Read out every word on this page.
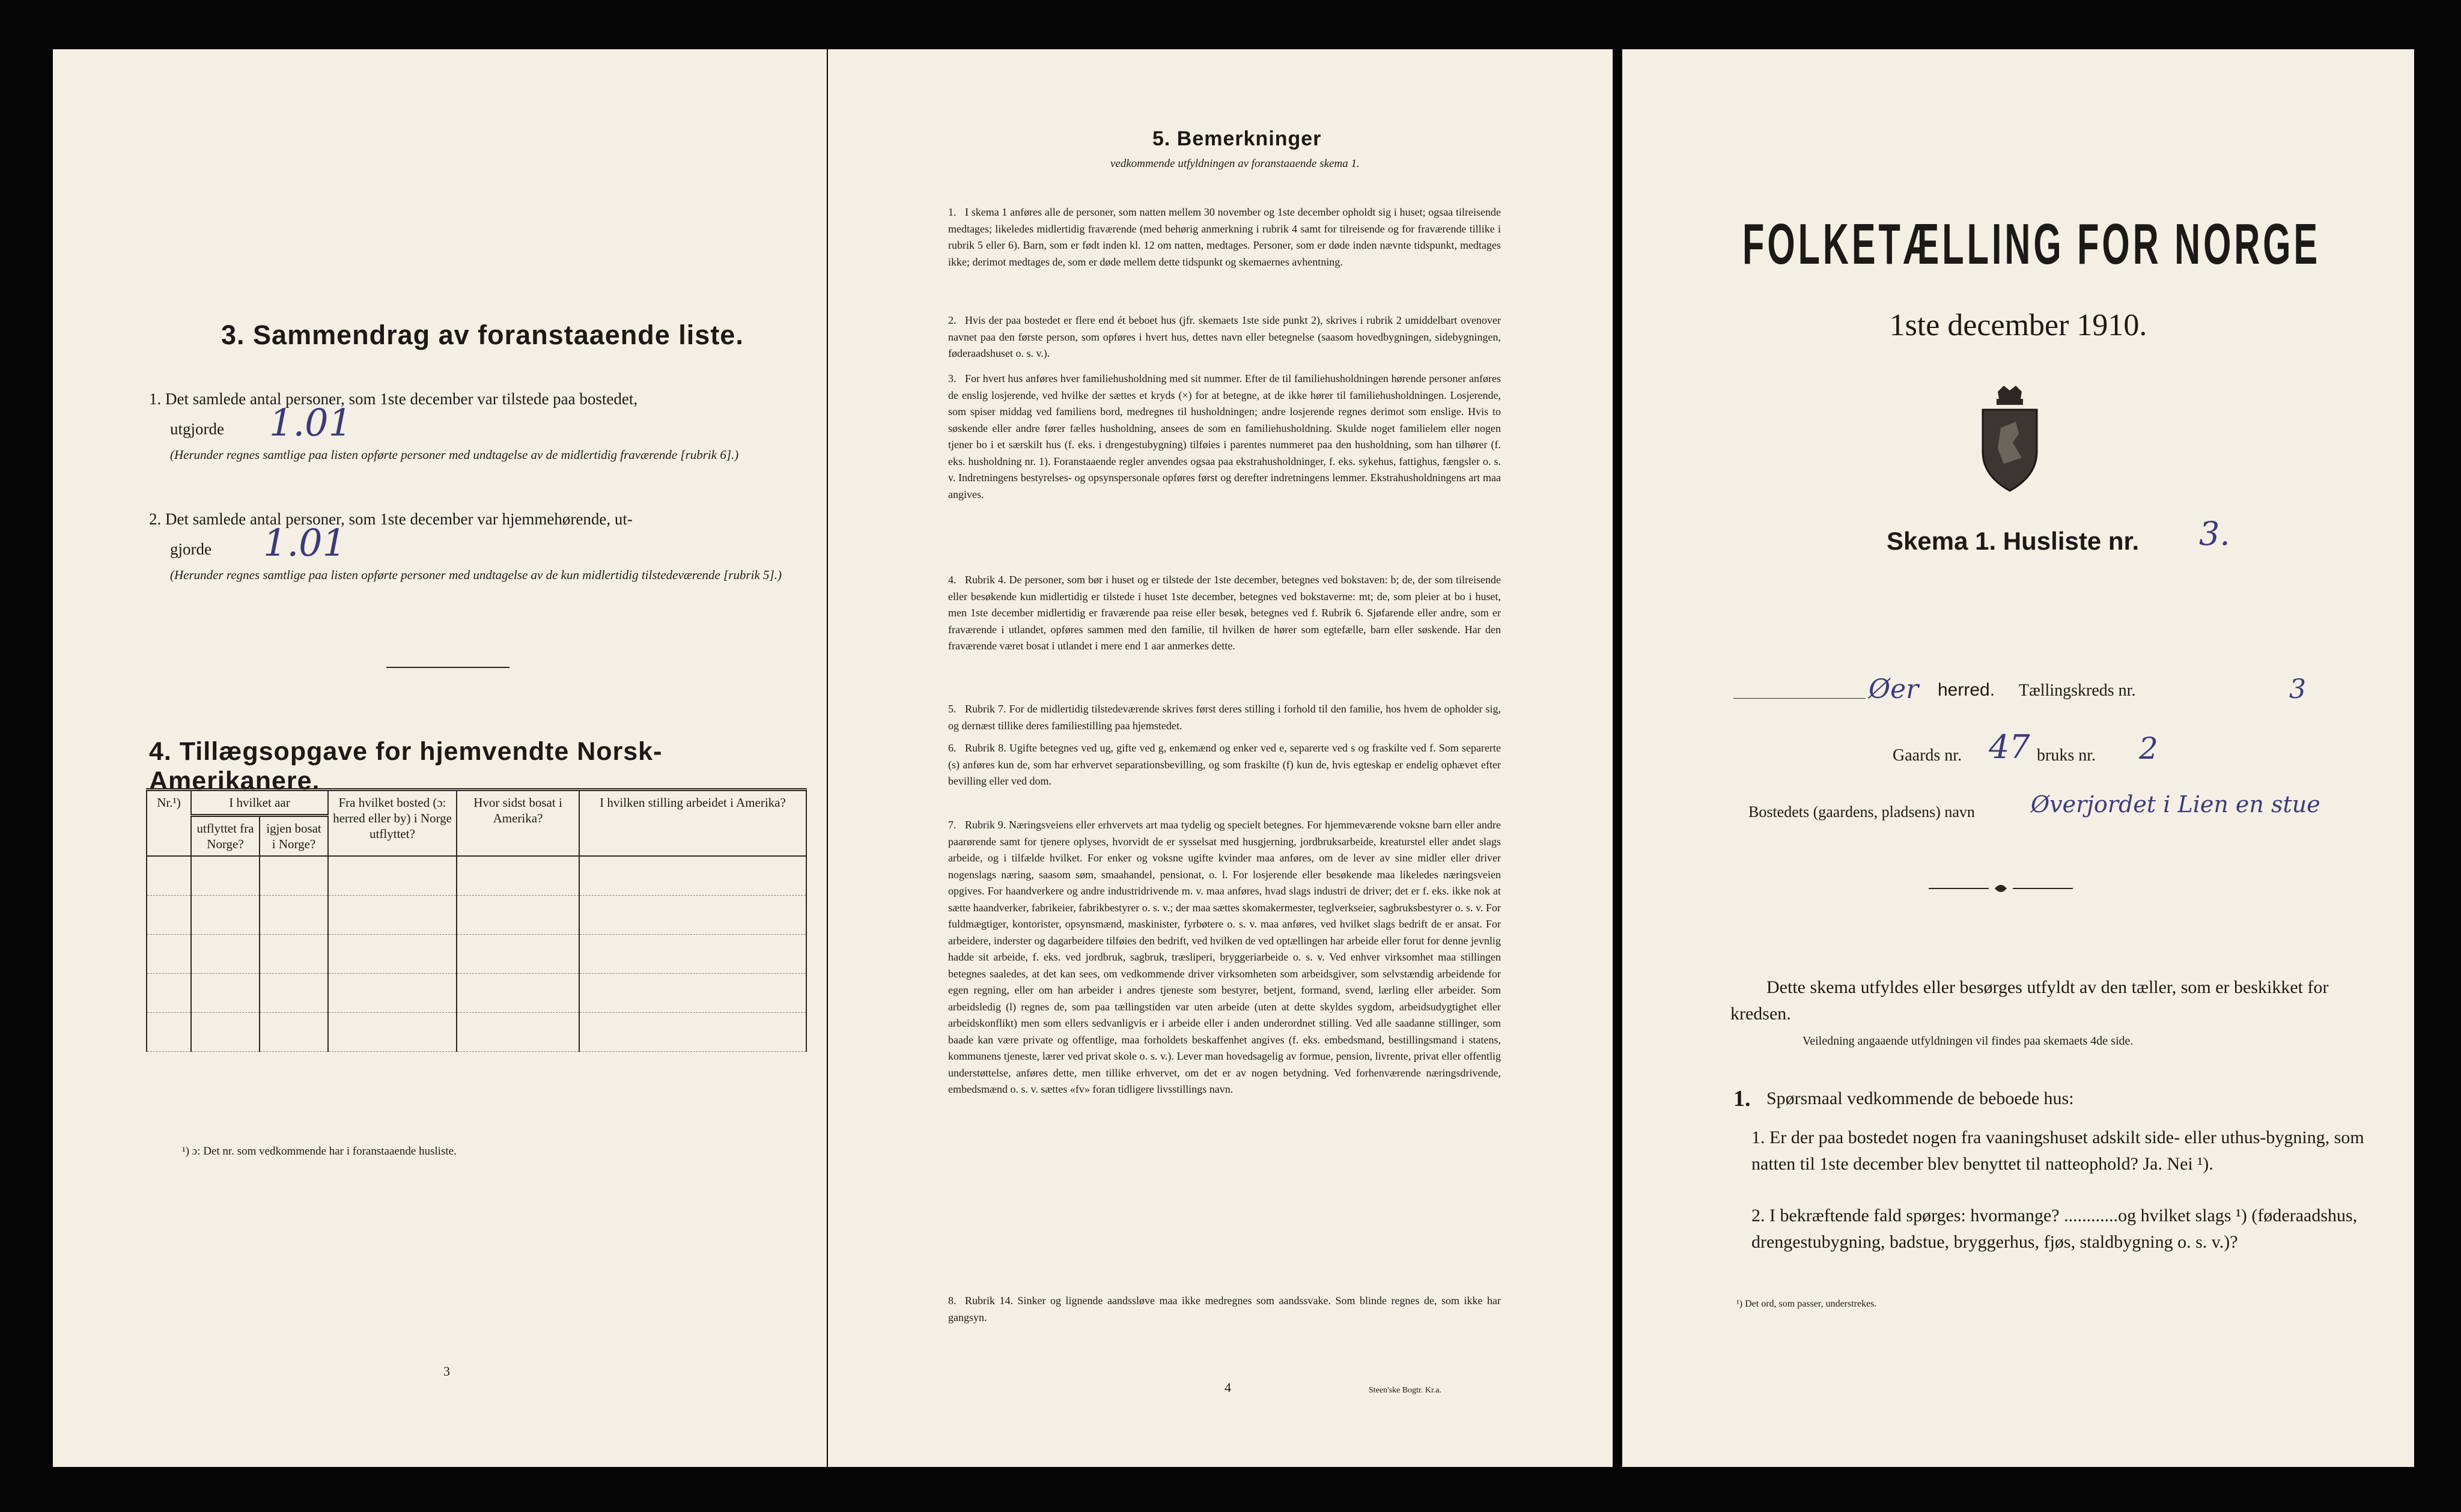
3. Sammendrag av foranstaaende liste.
1. Det samlede antal personer, som 1ste december var tilstede paa bostedet,
utgjorde 1.01
(Herunder regnes samtlige paa listen opførte personer med undtagelse av de midlertidig fraværende [rubrik 6].)
2. Det samlede antal personer, som 1ste december var hjemmehørende, ut-
gjorde 1.01
(Herunder regnes samtlige paa listen opførte personer med undtagelse av de kun midlertidig tilstedeværende [rubrik 5].)
4. Tillægsopgave for hjemvendte Norsk-Amerikanere.
Nr.¹)	I hvilket aar		Fra hvilket bosted (ɔ: herred eller by) i Norge utflyttet?	Hvor sidst bosat i Amerika?	I hvilken stilling arbeidet i Amerika?
	utflyttet fra Norge?	igjen bosat i Norge?			

¹) ɔ: Det nr. som vedkommende har i foranstaaende husliste.
3
5. Bemerkninger
vedkommende utfyldningen av foranstaaende skema 1.
1. I skema 1 anføres alle de personer, som natten mellem 30 november og 1ste december opholdt sig i huset; ogsaa tilreisende medtages; likeledes midlertidig fraværende (med behørig anmerkning i rubrik 4 samt for tilreisende og for fraværende tillike i rubrik 5 eller 6). Barn, som er født inden kl. 12 om natten, medtages. Personer, som er døde inden nævnte tidspunkt, medtages ikke; derimot medtages de, som er døde mellem dette tidspunkt og skemaernes avhentning.
2. Hvis der paa bostedet er flere end ét beboet hus (jfr. skemaets 1ste side punkt 2), skrives i rubrik 2 umiddelbart ovenover navnet paa den første person, som opføres i hvert hus, dettes navn eller betegnelse (saasom hovedbygningen, sidebygningen, føderaadshuset o. s. v.).
3. For hvert hus anføres hver familiehusholdning med sit nummer. Efter de til familiehusholdningen hørende personer anføres de enslig losjerende, ved hvilke der sættes et kryds (×) for at betegne, at de ikke hører til familiehusholdningen. Losjerende, som spiser middag ved familiens bord, medregnes til husholdningen; andre losjerende regnes derimot som enslige. Hvis to søskende eller andre fører fælles husholdning, ansees de som en familiehusholdning. Skulde noget familielem eller nogen tjener bo i et særskilt hus (f. eks. i drengestubygning) tilføies i parentes nummeret paa den husholdning, som han tilhører (f. eks. husholdning nr. 1). Foranstaaende regler anvendes ogsaa paa ekstrahusholdninger, f. eks. sykehus, fattighus, fængsler o. s. v. Indretningens bestyrelses- og opsynspersonale opføres først og derefter indretningens lemmer. Ekstrahusholdningens art maa angives.
4. Rubrik 4. De personer, som bør i huset og er tilstede der 1ste december, betegnes ved bokstaven: b; de, der som tilreisende eller besøkende kun midlertidig er tilstede i huset 1ste december, betegnes ved bokstaverne: mt; de, som pleier at bo i huset, men 1ste december midlertidig er fraværende paa reise eller besøk, betegnes ved f. Rubrik 6. Sjøfarende eller andre, som er fraværende i utlandet, opføres sammen med den familie, til hvilken de hører som egtefælle, barn eller søskende. Har den fraværende været bosat i utlandet i mere end 1 aar anmerkes dette.
5. Rubrik 7. For de midlertidig tilstedeværende skrives først deres stilling i forhold til den familie, hos hvem de opholder sig, og dernæst tillike deres familiestilling paa hjemstedet.
6. Rubrik 8. Ugifte betegnes ved ug, gifte ved g, enkemænd og enker ved e, separerte ved s og fraskilte ved f. Som separerte (s) anføres kun de, som har erhvervet separationsbevilling, og som fraskilte (f) kun de, hvis egteskap er endelig ophævet efter bevilling eller ved dom.
7. Rubrik 9. Næringsveiens eller erhvervets art maa tydelig og specielt betegnes. For hjemmeværende voksne barn eller andre paarørende samt for tjenere oplyses, hvorvidt de er sysselsat med husgjerning, jordbruksarbeide, kreaturstel eller andet slags arbeide, og i tilfælde hvilket. For enker og voksne ugifte kvinder maa anføres, om de lever av sine midler eller driver nogenslags næring, saasom søm, smaahandel, pensionat, o. l. For losjerende eller besøkende maa likeledes næringsveien opgives. For haandverkere og andre industridrivende m. v. maa anføres, hvad slags industri de driver; det er f. eks. ikke nok at sætte haandverker, fabrikeier, fabrikbestyrer o. s. v.; der maa sættes skomakermester, teglverkseier, sagbruksbestyrer o. s. v. For fuldmægtiger, kontorister, opsynsmænd, maskinister, fyrbøtere o. s. v. maa anføres, ved hvilket slags bedrift de er ansat. For arbeidere, inderster og dagarbeidere tilføies den bedrift, ved hvilken de ved optællingen har arbeide eller forut for denne jevnlig hadde sit arbeide, f. eks. ved jordbruk, sagbruk, træsliperi, bryggeriarbeide o. s. v. Ved enhver virksomhet maa stillingen betegnes saaledes, at det kan sees, om vedkommende driver virksomheten som arbeidsgiver, som selvstændig arbeidende for egen regning, eller om han arbeider i andres tjeneste som bestyrer, betjent, formand, svend, lærling eller arbeider. Som arbeidsledig (l) regnes de, som paa tællingstiden var uten arbeide (uten at dette skyldes sygdom, arbeidsudygtighet eller arbeidskonflikt) men som ellers sedvanligvis er i arbeide eller i anden underordnet stilling. Ved alle saadanne stillinger, som baade kan være private og offentlige, maa forholdets beskaffenhet angives (f. eks. embedsmand, bestillingsmand i statens, kommunens tjeneste, lærer ved privat skole o. s. v.). Lever man hovedsagelig av formue, pension, livrente, privat eller offentlig understøttelse, anføres dette, men tillike erhvervet, om det er av nogen betydning. Ved forhenværende næringsdrivende, embedsmænd o. s. v. sættes «fv» foran tidligere livsstillings navn.
8. Rubrik 14. Sinker og lignende aandssløve maa ikke medregnes som aandssvake. Som blinde regnes de, som ikke har gangsyn.
4	Steen'ske Bogtr. Kr.a.
FOLKETÆLLING FOR NORGE
1ste december 1910.
Skema 1. Husliste nr. 3.
Øer herred. Tællingskreds nr.	3
Gaards nr. 47 bruks nr. 2
Bostedets (gaardens, pladsens) navn Øverjordet i Lien en stue
Dette skema utfyldes eller besørges utfyldt av den tæller, som er beskikket for kredsen.
Veiledning angaaende utfyldningen vil findes paa skemaets 4de side.
1. Spørsmaal vedkommende de beboede hus:
1. Er der paa bostedet nogen fra vaaningshuset adskilt side- eller uthus-bygning, som natten til 1ste december blev benyttet til natteophold? Ja. Nei ¹).
2. I bekræftende fald spørges: hvormange? ............og hvilket slags ¹) (føderaadshus, drengestubygning, badstue, bryggerhus, fjøs, staldbygning o. s. v.)?
¹) Det ord, som passer, understrekes.
